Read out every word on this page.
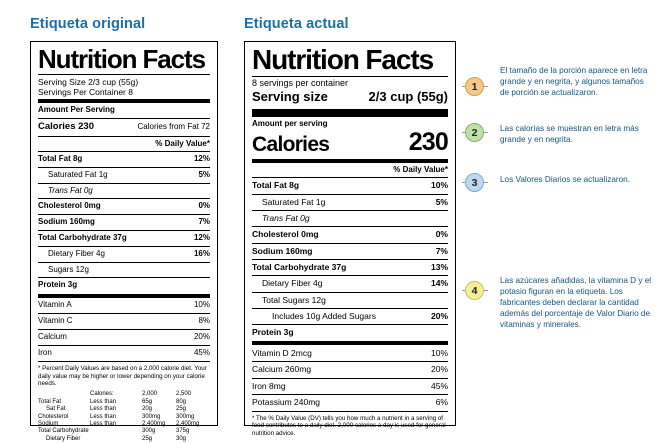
Etiqueta original	Etiqueta actual
Nutrition Facts
Serving Size 2/3 cup (55g)
Servings Per Container 8
Amount Per Serving
Calories 230	Calories from Fat 72
% Daily Value*
Total Fat 8g	12%
Saturated Fat 1g	5%
Trans Fat 0g
Cholesterol 0mg	0%
Sodium 160mg	7%
Total Carbohydrate 37g	12%
Dietary Fiber 4g	16%
Sugars 12g
Protein 3g
Vitamin A	10%
Vitamin C	8%
Calcium	20%
Iron	45%
* Percent Daily Values are based on a 2,000 calorie diet. Your daily value may be higher or lower depending on your calorie needs.
	Calories:	2,000	2,500
Total Fat	Less than	65g	80g
Sat Fat	Less than	20g	25g
Cholesterol	Less than	300mg	300mg
Sodium	Less than	2,400mg	2,400mg
Total Carbohydrate		300g	375g
Dietary Fiber		25g	30g
Nutrition Facts
8 servings per container
Serving size	2/3 cup (55g)
Amount per serving
Calories	230
% Daily Value*
Total Fat 8g	10%
Saturated Fat 1g	5%
Trans Fat 0g
Cholesterol 0mg	0%
Sodium 160mg	7%
Total Carbohydrate 37g	13%
Dietary Fiber 4g	14%
Total Sugars 12g
Includes 10g Added Sugars	20%
Protein 3g
Vitamin D 2mcg	10%
Calcium 260mg	20%
Iron 8mg	45%
Potassium 240mg	6%
* The % Daily Value (DV) tells you how much a nutrient in a serving of food contributes to a daily diet. 2,000 calories a day is used for general nutrition advice.
1
El tamaño de la porción aparece en letra grande y en negrita, y algunos tamaños de porción se actualizaron.
2	Las calorías se muestran en letra más grande y en negrita.
3	Los Valores Diarios se actualizaron.
4
Las azúcares añadidas, la vitamina D y el potasio figuran en la etiqueta. Los fabricantes deben declarar la cantidad además del porcentaje de Valor Diario de vitaminas y minerales.
